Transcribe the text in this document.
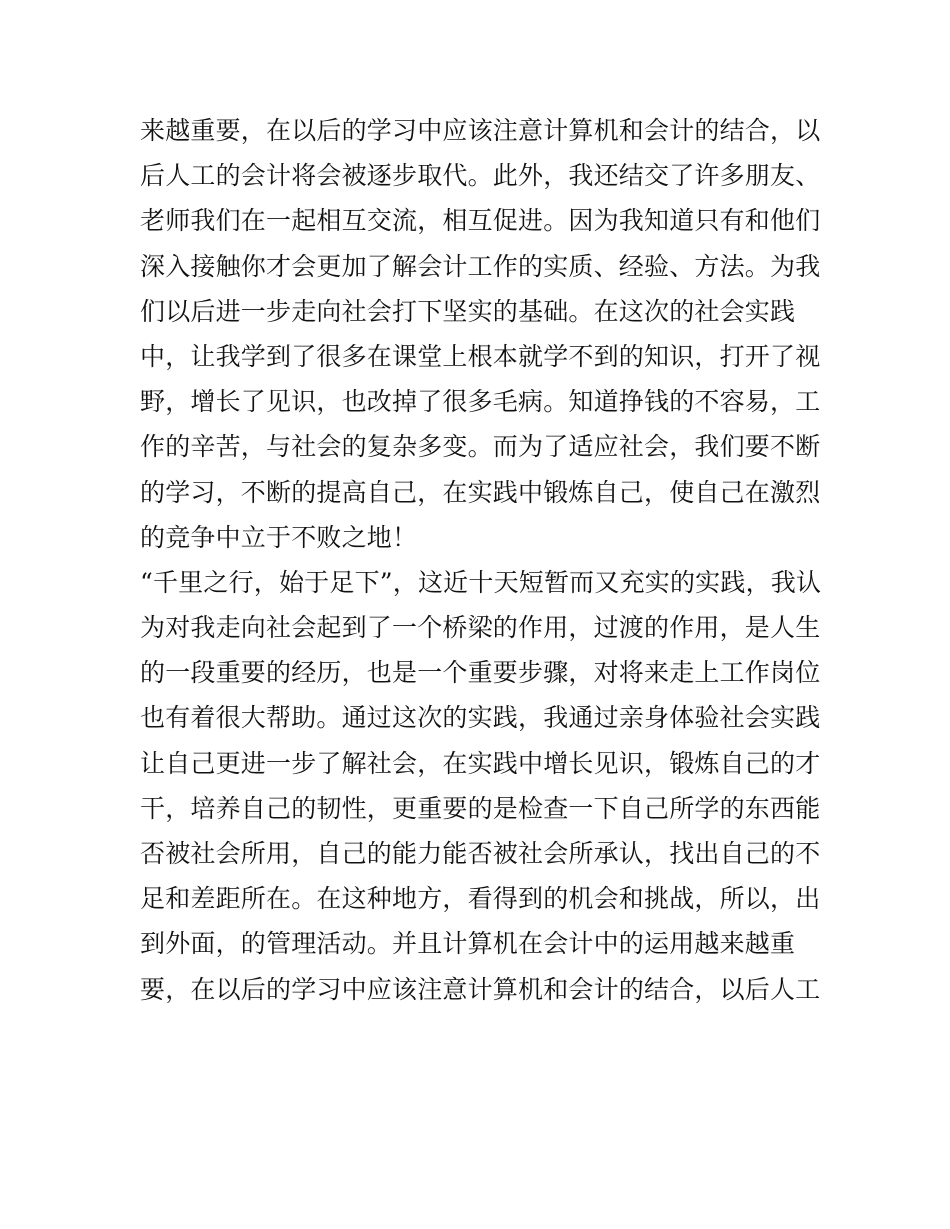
来越重要，在以后的学习中应该注意计算机和会计的结合，以
后人工的会计将会被逐步取代。此外，我还结交了许多朋友、
老师我们在一起相互交流，相互促进。因为我知道只有和他们
深入接触你才会更加了解会计工作的实质、经验、方法。为我
们以后进一步走向社会打下坚实的基础。在这次的社会实践
中，让我学到了很多在课堂上根本就学不到的知识，打开了视
野，增长了见识，也改掉了很多毛病。知道挣钱的不容易，工
作的辛苦，与社会的复杂多变。而为了适应社会，我们要不断
的学习，不断的提高自己，在实践中锻炼自己，使自己在激烈
的竞争中立于不败之地！
“千里之行，始于足下”，这近十天短暂而又充实的实践，我认
为对我走向社会起到了一个桥梁的作用，过渡的作用，是人生
的一段重要的经历，也是一个重要步骤，对将来走上工作岗位
也有着很大帮助。通过这次的实践，我通过亲身体验社会实践
让自己更进一步了解社会，在实践中增长见识，锻炼自己的才
干，培养自己的韧性，更重要的是检查一下自己所学的东西能
否被社会所用，自己的能力能否被社会所承认，找出自己的不
足和差距所在。在这种地方，看得到的机会和挑战，所以，出
到外面，的管理活动。并且计算机在会计中的运用越来越重
要，在以后的学习中应该注意计算机和会计的结合，以后人工
